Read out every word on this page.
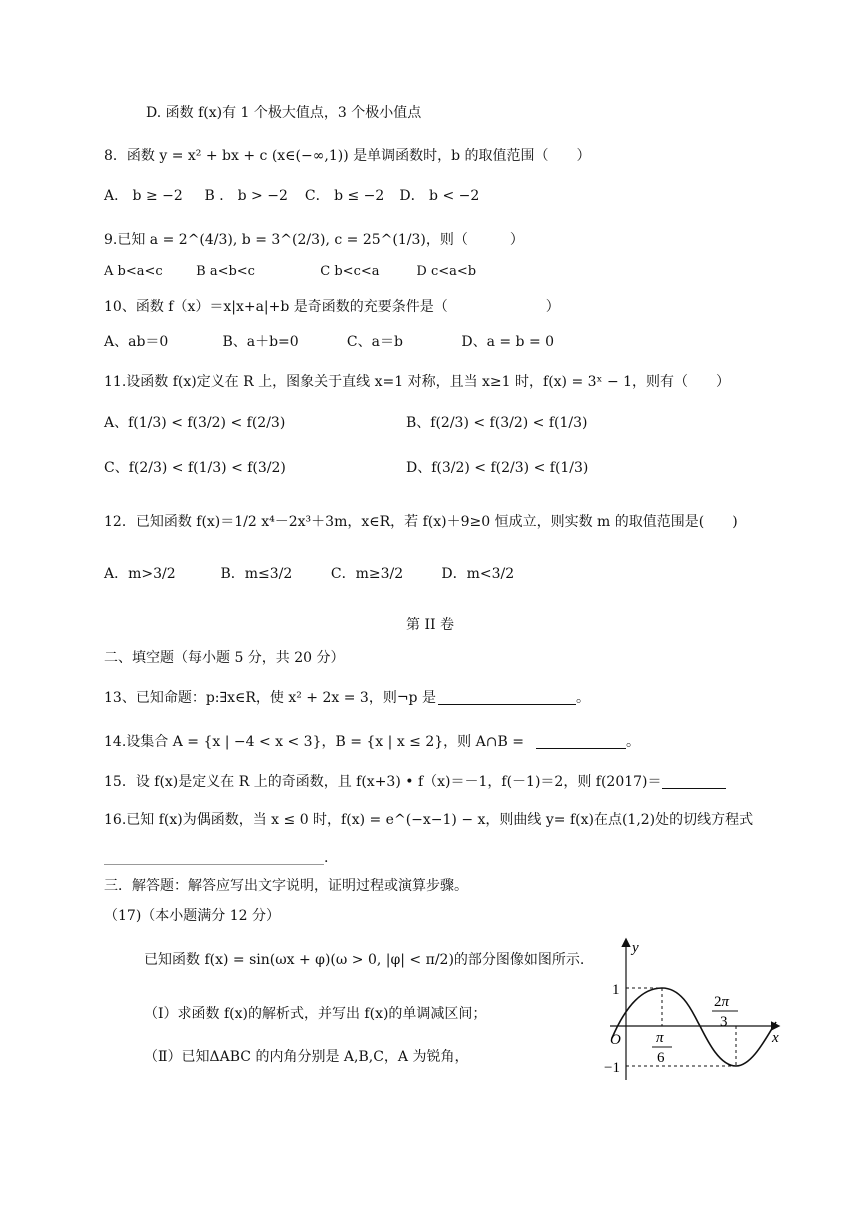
D. 函数 f(x)有 1 个极大值点，3 个极小值点
8．函数 y = x² + bx + c (x∈(−∞,1)) 是单调函数时，b 的取值范围（　　）
A． b ≥ −2 B ． b > −2 C． b ≤ −2 D． b < −2
9.已知 a = 2^(4/3), b = 3^(2/3), c = 25^(1/3)，则（　　　）
A b<a<c	B a<b<c	C b<c<a	D c<a<b
10、函数 f（x）＝x|x+a|+b 是奇函数的充要条件是（　　　　　　　）
A、ab＝0	B、a＋b=0	C、a＝b	D、a = b = 0
11.设函数 f(x)定义在 R 上，图象关于直线 x=1 对称，且当 x≥1 时，f(x) = 3ˣ − 1，则有（　　）
A、f(1/3) < f(3/2) < f(2/3)	B、f(2/3) < f(3/2) < f(1/3)
C、f(2/3) < f(1/3) < f(3/2)	D、f(3/2) < f(2/3) < f(1/3)
12．已知函数 f(x)＝1/2 x⁴－2x³＋3m，x∈R，若 f(x)＋9≥0 恒成立，则实数 m 的取值范围是(　　)
A．m>3/2	B．m≤3/2	C．m≥3/2	D．m<3/2
第 II 卷
二、填空题（每小题 5 分，共 20 分）
13、已知命题：p:∃x∈R，使 x² + 2x = 3，则¬p 是	。
14.设集合 A = {x | −4 < x < 3}，B = {x | x ≤ 2}，则 A∩B =	。
15．设 f(x)是定义在 R 上的奇函数，且 f(x+3) • f（x)＝－1，f(－1)＝2，则 f(2017)＝
16.已知 f(x)为偶函数，当 x ≤ 0 时，f(x) = e^(−x−1) − x，则曲线 y= f(x)在点(1,2)处的切线方程式
.
三．解答题：解答应写出文字说明，证明过程或演算步骤。
（17)（本小题满分 12 分）
已知函数 f(x) = sin(ωx + φ)(ω > 0, |φ| < π/2)的部分图像如图所示.
（Ⅰ）求函数 f(x)的解析式，并写出 f(x)的单调减区间；
（Ⅱ）已知ΔABC 的内角分别是 A,B,C，A 为锐角，
y
x
O
1
−1
π
6
2π
3
